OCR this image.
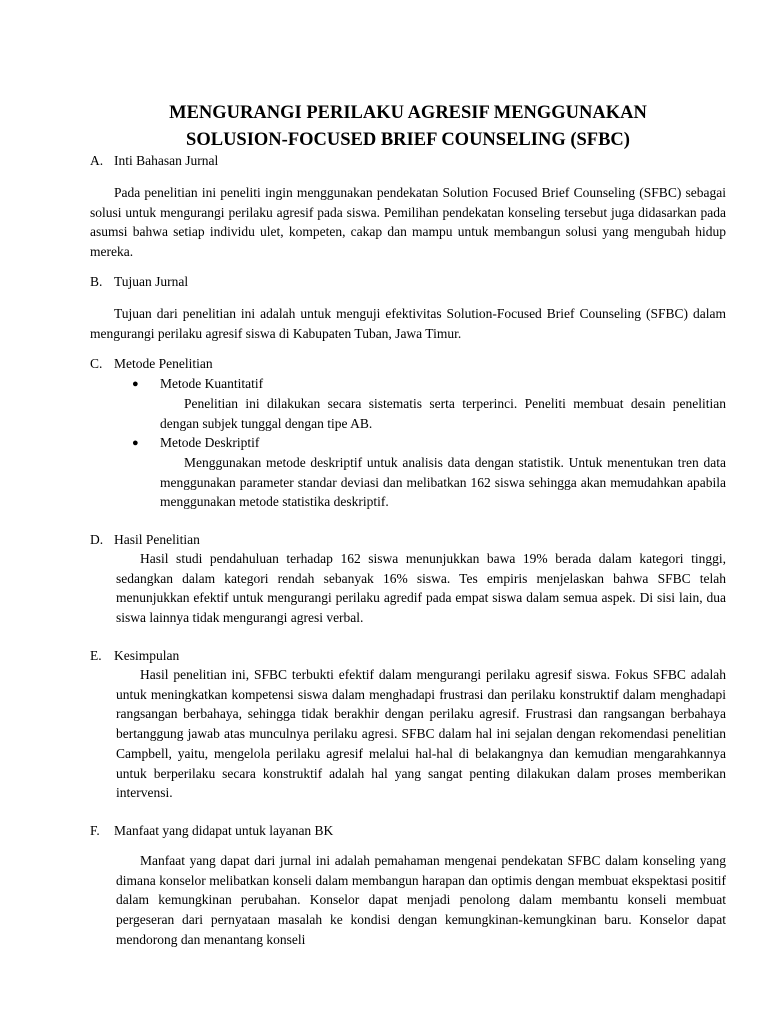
MENGURANGI PERILAKU AGRESIF MENGGUNAKAN
SOLUSION-FOCUSED BRIEF COUNSELING (SFBC)
A. Inti Bahasan Jurnal
Pada penelitian ini peneliti ingin menggunakan pendekatan Solution Focused Brief Counseling (SFBC) sebagai solusi untuk mengurangi perilaku agresif pada siswa. Pemilihan pendekatan konseling tersebut juga didasarkan pada asumsi bahwa setiap individu ulet, kompeten, cakap dan mampu untuk membangun solusi yang mengubah hidup mereka.
B. Tujuan Jurnal
Tujuan dari penelitian ini adalah untuk menguji efektivitas Solution-Focused Brief Counseling (SFBC) dalam mengurangi perilaku agresif siswa di Kabupaten Tuban, Jawa Timur.
C. Metode Penelitian
● Metode Kuantitatif
Penelitian ini dilakukan secara sistematis serta terperinci. Peneliti membuat desain penelitian dengan subjek tunggal dengan tipe AB.
● Metode Deskriptif
Menggunakan metode deskriptif untuk analisis data dengan statistik. Untuk menentukan tren data menggunakan parameter standar deviasi dan melibatkan 162 siswa sehingga akan memudahkan apabila menggunakan metode statistika deskriptif.
D. Hasil Penelitian
Hasil studi pendahuluan terhadap 162 siswa menunjukkan bawa 19% berada dalam kategori tinggi, sedangkan dalam kategori rendah sebanyak 16% siswa. Tes empiris menjelaskan bahwa SFBC telah menunjukkan efektif untuk mengurangi perilaku agredif pada empat siswa dalam semua aspek. Di sisi lain, dua siswa lainnya tidak mengurangi agresi verbal.
E. Kesimpulan
Hasil penelitian ini, SFBC terbukti efektif dalam mengurangi perilaku agresif siswa. Fokus SFBC adalah untuk meningkatkan kompetensi siswa dalam menghadapi frustrasi dan perilaku konstruktif dalam menghadapi rangsangan berbahaya, sehingga tidak berakhir dengan perilaku agresif. Frustrasi dan rangsangan berbahaya bertanggung jawab atas munculnya perilaku agresi. SFBC dalam hal ini sejalan dengan rekomendasi penelitian Campbell, yaitu, mengelola perilaku agresif melalui hal-hal di belakangnya dan kemudian mengarahkannya untuk berperilaku secara konstruktif adalah hal yang sangat penting dilakukan dalam proses memberikan intervensi.
F. Manfaat yang didapat untuk layanan BK
Manfaat yang dapat dari jurnal ini adalah pemahaman mengenai pendekatan SFBC dalam konseling yang dimana konselor melibatkan konseli dalam membangun harapan dan optimis dengan membuat ekspektasi positif dalam kemungkinan perubahan. Konselor dapat menjadi penolong dalam membantu konseli membuat pergeseran dari pernyataan masalah ke kondisi dengan kemungkinan-kemungkinan baru. Konselor dapat mendorong dan menantang konseli
